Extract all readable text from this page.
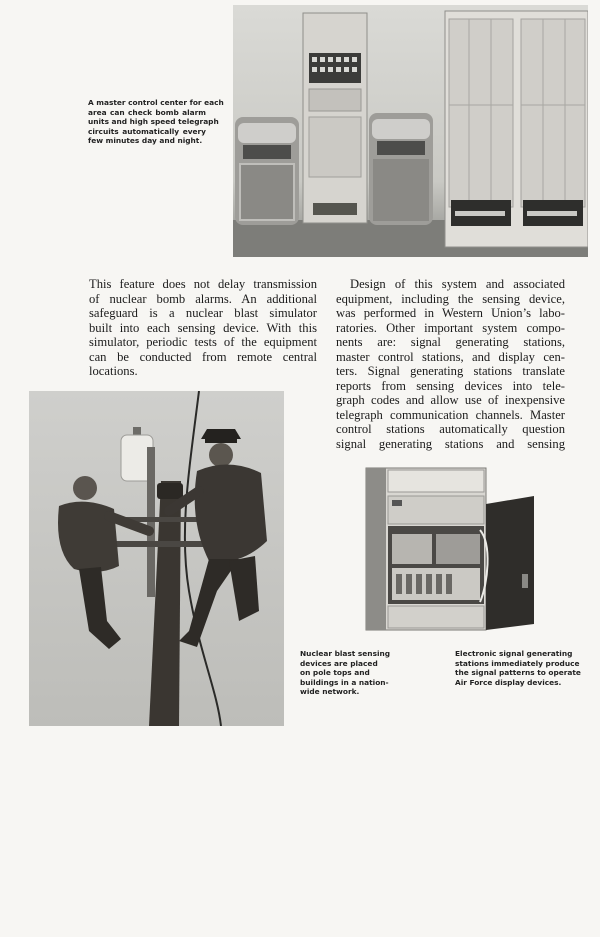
A master control center for each
area can check bomb alarm
units and high speed telegraph
circuits automatically every
few minutes day and night.
This feature does not delay transmission
of nuclear bomb alarms. An additional
safeguard is a nuclear blast simulator
built into each sensing device. With this
simulator, periodic tests of the equipment
can be conducted from remote central
locations.
Design of this system and associated
equipment, including the sensing device,
was performed in Western Union’s labo-
ratories. Other important system compo-
nents are: signal generating stations,
master control stations, and display cen-
ters. Signal generating stations translate
reports from sensing devices into tele-
graph codes and allow use of inexpensive
telegraph communication channels. Master
control stations automatically question
signal generating stations and sensing
Nuclear blast sensing
devices are placed
on pole tops and
buildings in a nation-
wide network.
Electronic signal generating
stations immediately produce
the signal patterns to operate
Air Force display devices.
